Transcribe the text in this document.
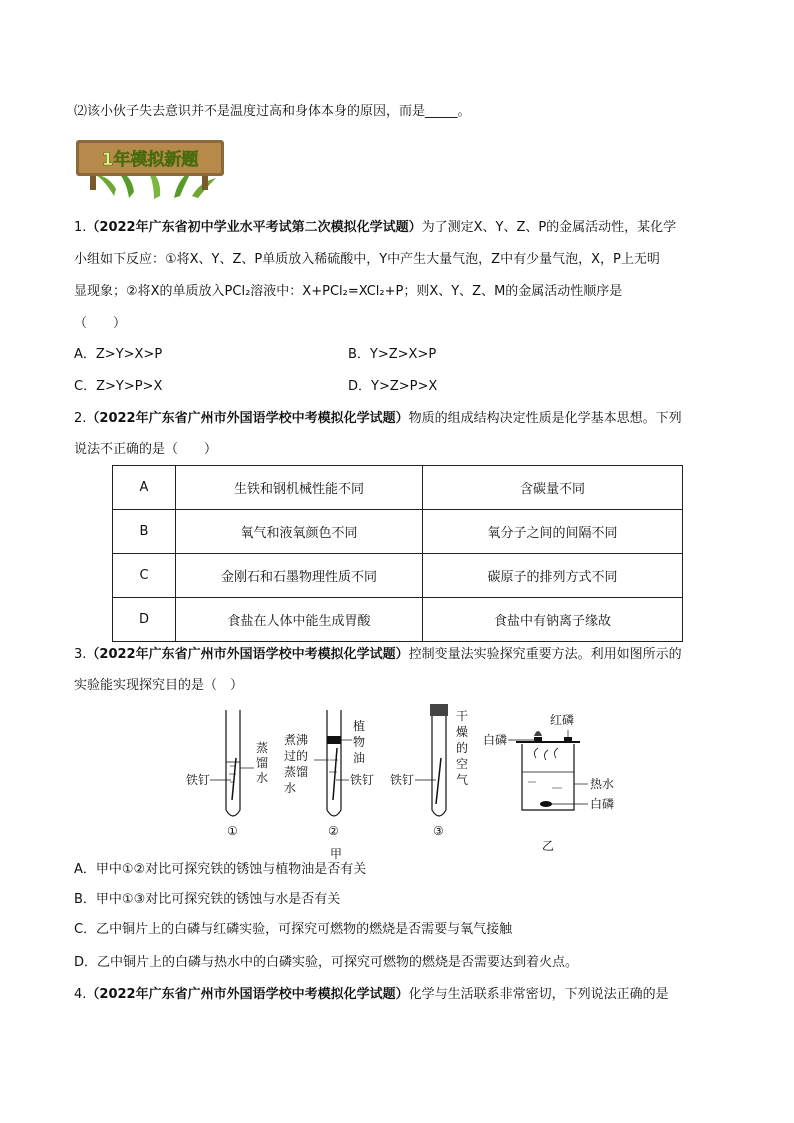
⑵该小伙子失去意识并不是温度过高和身体本身的原因，而是_____。
1年模拟新题
1.（2022年广东省初中学业水平考试第二次模拟化学试题）为了测定X、Y、Z、P的金属活动性，某化学
小组如下反应：①将X、Y、Z、P单质放入稀硫酸中，Y中产生大量气泡，Z中有少量气泡，X，P上无明
显现象；②将X的单质放入PCl₂溶液中：X+PCl₂=XCl₂+P；则X、Y、Z、M的金属活动性顺序是
（　　）
A．Z>Y>X>P	B．Y>Z>X>P
C．Z>Y>P>X	D．Y>Z>P>X
2.（2022年广东省广州市外国语学校中考模拟化学试题）物质的组成结构决定性质是化学基本思想。下列
说法不正确的是（　　）
A	生铁和钢机械性能不同	含碳量不同
B	氧气和液氧颜色不同	氧分子之间的间隔不同
C	金刚石和石墨物理性质不同	碳原子的排列方式不同
D	食盐在人体中能生成胃酸	食盐中有钠离子缘故
3.（2022年广东省广州市外国语学校中考模拟化学试题）控制变量法实验探究重要方法。利用如图所示的
实验能实现探究目的是（　）
铁钉
蒸
馏
水
①
煮沸
过的
蒸馏
水
植
物
油
铁钉
②
铁钉
干
燥
的
空
气
③
甲
红磷
白磷
热水
白磷
乙
A．甲中①②对比可探究铁的锈蚀与植物油是否有关
B．甲中①③对比可探究铁的锈蚀与水是否有关
C．乙中铜片上的白磷与红磷实验，可探究可燃物的燃烧是否需要与氧气接触
D．乙中铜片上的白磷与热水中的白磷实验，可探究可燃物的燃烧是否需要达到着火点。
4.（2022年广东省广州市外国语学校中考模拟化学试题）化学与生活联系非常密切，下列说法正确的是
